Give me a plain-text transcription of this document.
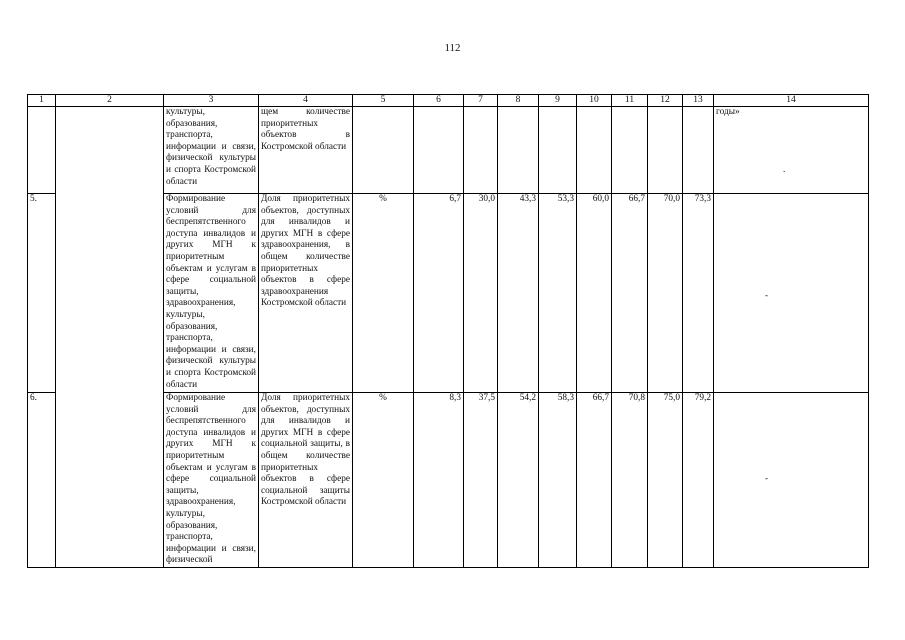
112
1	2	3	4	5	6	7	8	9	10	11	12	13	14
		культуры, образования, транспорта, информации и связи, физической культуры и спорта Костромской области	щем количестве приоритетных объектов в Костромской области										годы»
.

5.		Формирование условий для беспрепятственного доступа инвалидов и других МГН к приоритетным объектам и услугам в сфере социальной защиты, здравоохранения, культуры, образования, транспорта, информации и связи, физической культуры и спорта Костромской области	Доля приоритетных объектов, доступных для инвалидов и других МГН в сфере здравоохранения, в общем количестве приоритетных объектов в сфере здравоохранения Костромской области	%	6,7	30,0	43,3	53,3	60,0	66,7	70,0	73,3	-

6.		Формирование условий для беспрепятственного доступа инвалидов и других МГН к приоритетным объектам и услугам в сфере социальной защиты, здравоохранения, культуры, образования, транспорта, информации и связи, физической	Доля приоритетных объектов, доступных для инвалидов и других МГН в сфере социальной защиты, в общем количестве приоритетных объектов в сфере социальной защиты Костромской области	%	8,3	37,5	54,2	58,3	66,7	70,8	75,0	79,2	-
